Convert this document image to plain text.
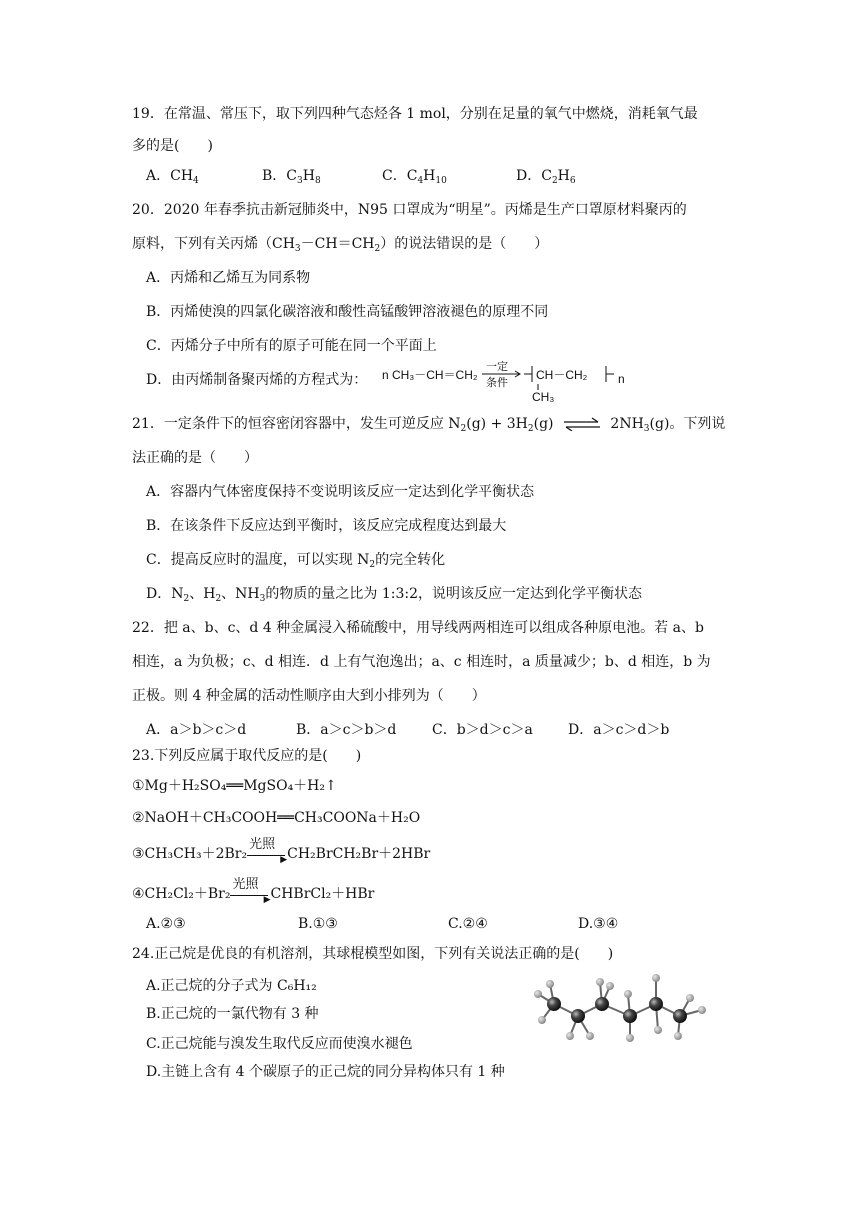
19．在常温、常压下，取下列四种气态烃各 1 mol，分别在足量的氧气中燃烧，消耗氧气最
多的是(　　)
A．$CH_4$	B．$C_3H_8$	C．$C_4H_{10}$	D．$C_2H_6$
20．2020 年春季抗击新冠肺炎中，N95 口罩成为“明星”。丙烯是生产口罩原材料聚丙的
原料，下列有关丙烯$(CH_3-CH=CH_2)$的说法错误的是（　　）
A．丙烯和乙烯互为同系物
B．丙烯使溴的四氯化碳溶液和酸性高锰酸钾溶液褪色的原理不同
C．丙烯分子中所有的原子可能在同一个平面上
D．由丙烯制备聚丙烯的方程式为： n CH₃－CH＝CH₂
一定
条件
CH－CH₂	n
CH₃
21．一定条件下的恒容密闭容器中，发生可逆反应 $N_2(g) + 3H_2(g)$ ⇌ $2NH_3(g)$。下列说
法正确的是（　　）
A．容器内气体密度保持不变说明该反应一定达到化学平衡状态
B．在该条件下反应达到平衡时，该反应完成程度达到最大
C．提高反应时的温度，可以实现 $N_2$的完全转化
D．$N_2$、$H_2$、$NH_3$的物质的量之比为 1:3:2，说明该反应一定达到化学平衡状态
22．把 a、b、c、d 4 种金属浸入稀硫酸中，用导线两两相连可以组成各种原电池。若 a、b
相连，a 为负极；c、d 相连．d 上有气泡逸出；a、c 相连时，a 质量减少；b、d 相连，b 为
正极。则 4 种金属的活动性顺序由大到小排列为（　　）
A．a＞b＞c＞d	B．a＞c＞b＞d	C．b＞d＞c＞a	D．a＞c＞d＞b
23.下列反应属于取代反应的是(　　)
①Mg＋H₂SO₄══MgSO₄＋H₂↑
②NaOH＋CH₃COOH══CH₃COONa＋H₂O
③CH₃CH₃＋2Br₂
光照
▶ CH₂BrCH₂Br＋2HBr
④CH₂Cl₂＋Br₂
光照
▶ CHBrCl₂＋HBr
A.②③	B.①③	C.②④	D.③④
24.正己烷是优良的有机溶剂，其球棍模型如图，下列有关说法正确的是(　　)
A.正己烷的分子式为 C₆H₁₂
B.正己烷的一氯代物有 3 种
C.正己烷能与溴发生取代反应而使溴水褪色
D.主链上含有 4 个碳原子的正己烷的同分异构体只有 1 种
